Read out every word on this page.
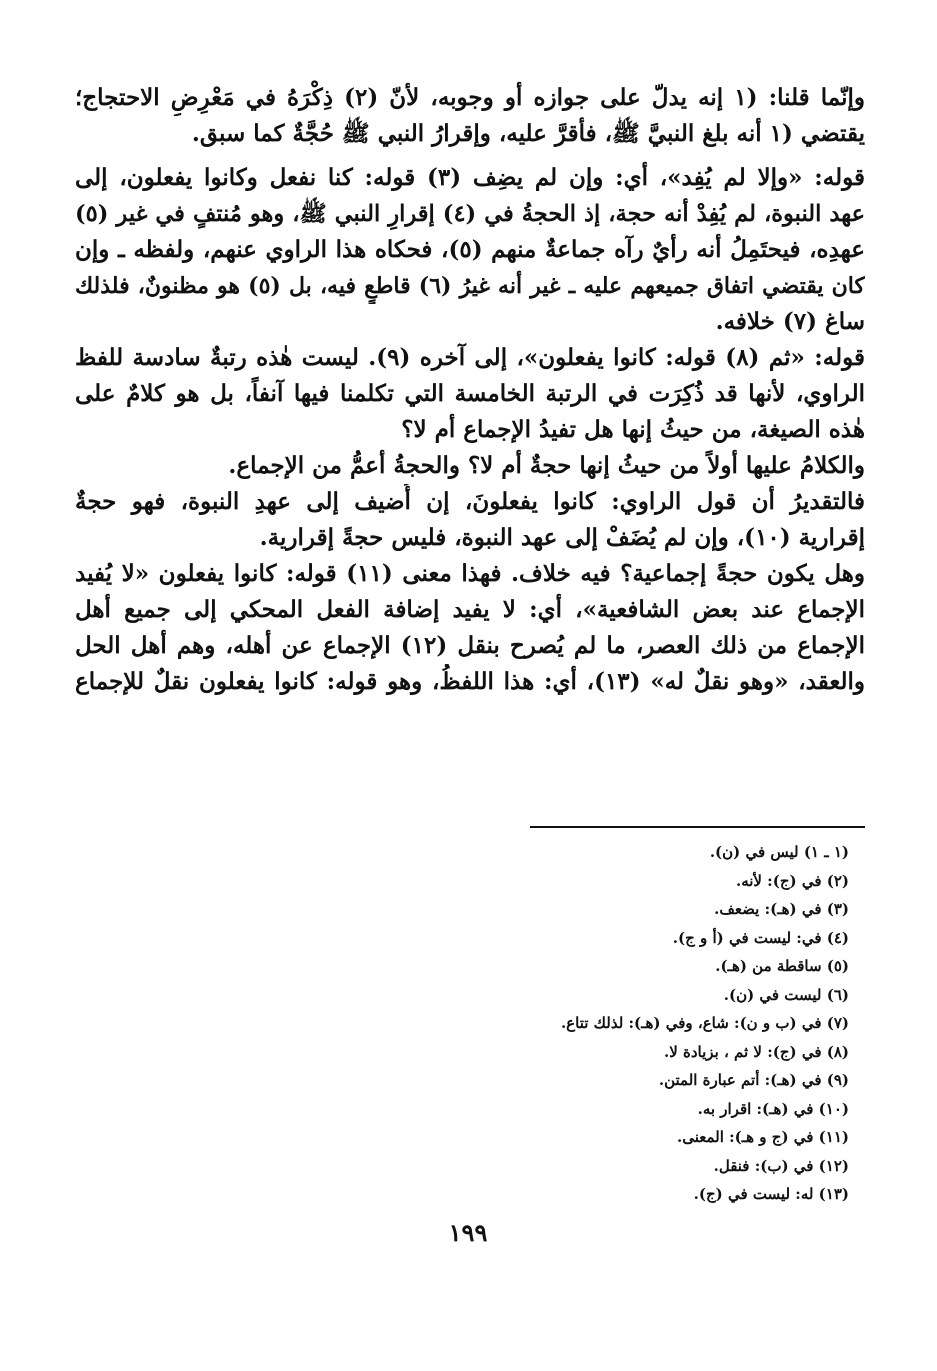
وإنّما قلنا: (١ إنه يدلّ على جوازه أو وجوبه، لأنّ (٢) ذِكْرَهُ في مَعْرِضِ الاحتجاج؛
يقتضي (١ أنه بلغ النبيَّ ﷺ، فأقرَّ عليه، وإقرارُ النبي ﷺ حُجَّةٌ كما سبق.
قوله: «وإلا لم يُفِد»، أي: وإن لم يضِف (٣) قوله: كنا نفعل وكانوا يفعلون، إلى
عهد النبوة، لم يُفِدْ أنه حجة، إذ الحجةُ في (٤) إقرارِ النبي ﷺ، وهو مُنتفٍ في غير (٥)
عهدِه، فيحتَمِلُ أنه رأيٌ رآه جماعةٌ منهم (٥)، فحكاه هذا الراوي عنهم، ولفظه ـ وإن
كان يقتضي اتفاق جميعهم عليه ـ غير أنه غيرُ (٦) قاطعٍ فيه، بل (٥) هو مظنونٌ، فلذلك
ساغ (٧) خلافه.
قوله: «ثم (٨) قوله: كانوا يفعلون»، إلى آخره (٩). ليست هٰذه رتبةٌ سادسة للفظ
الراوي، لأنها قد ذُكِرَت في الرتبة الخامسة التي تكلمنا فيها آنفاً، بل هو كلامٌ على
هٰذه الصيغة، من حيثُ إنها هل تفيدُ الإجماع أم لا؟
والكلامُ عليها أولاً من حيثُ إنها حجةٌ أم لا؟ والحجةُ أعمُّ من الإجماع.
فالتقديرُ أن قول الراوي: كانوا يفعلونَ، إن أُضيف إلى عهدِ النبوة، فهو حجةٌ
إقرارية (١٠)، وإن لم يُضَفْ إلى عهد النبوة، فليس حجةً إقرارية.
وهل يكون حجةً إجماعية؟ فيه خلاف. فهذا معنى (١١) قوله: كانوا يفعلون «لا يُفيد
الإجماع عند بعض الشافعية»، أي: لا يفيد إضافة الفعل المحكي إلى جميع أهل
الإجماع من ذلك العصر، ما لم يُصرح بنقل (١٢) الإجماع عن أهله، وهم أهل الحل
والعقد، «وهو نقلٌ له» (١٣)، أي: هذا اللفظُ، وهو قوله: كانوا يفعلون نقلٌ للإجماع
(١ ـ ١) ليس في (ن).
(٢) في (ج): لأنه.
(٣) في (هـ): يضعف.
(٤) في: ليست في (أ و ج).
(٥) ساقطة من (هـ).
(٦) ليست في (ن).
(٧) في (ب و ن): شاع، وفي (هـ): لذلك تتاع.
(٨) في (ج): لا ثم ، بزيادة لا.
(٩) في (هـ): أتم عبارة المتن.
(١٠) في (هـ): اقرار به.
(١١) في (ج و هـ): المعنى.
(١٢) في (ب): فنقل.
(١٣) له: ليست في (ج).
١٩٩
